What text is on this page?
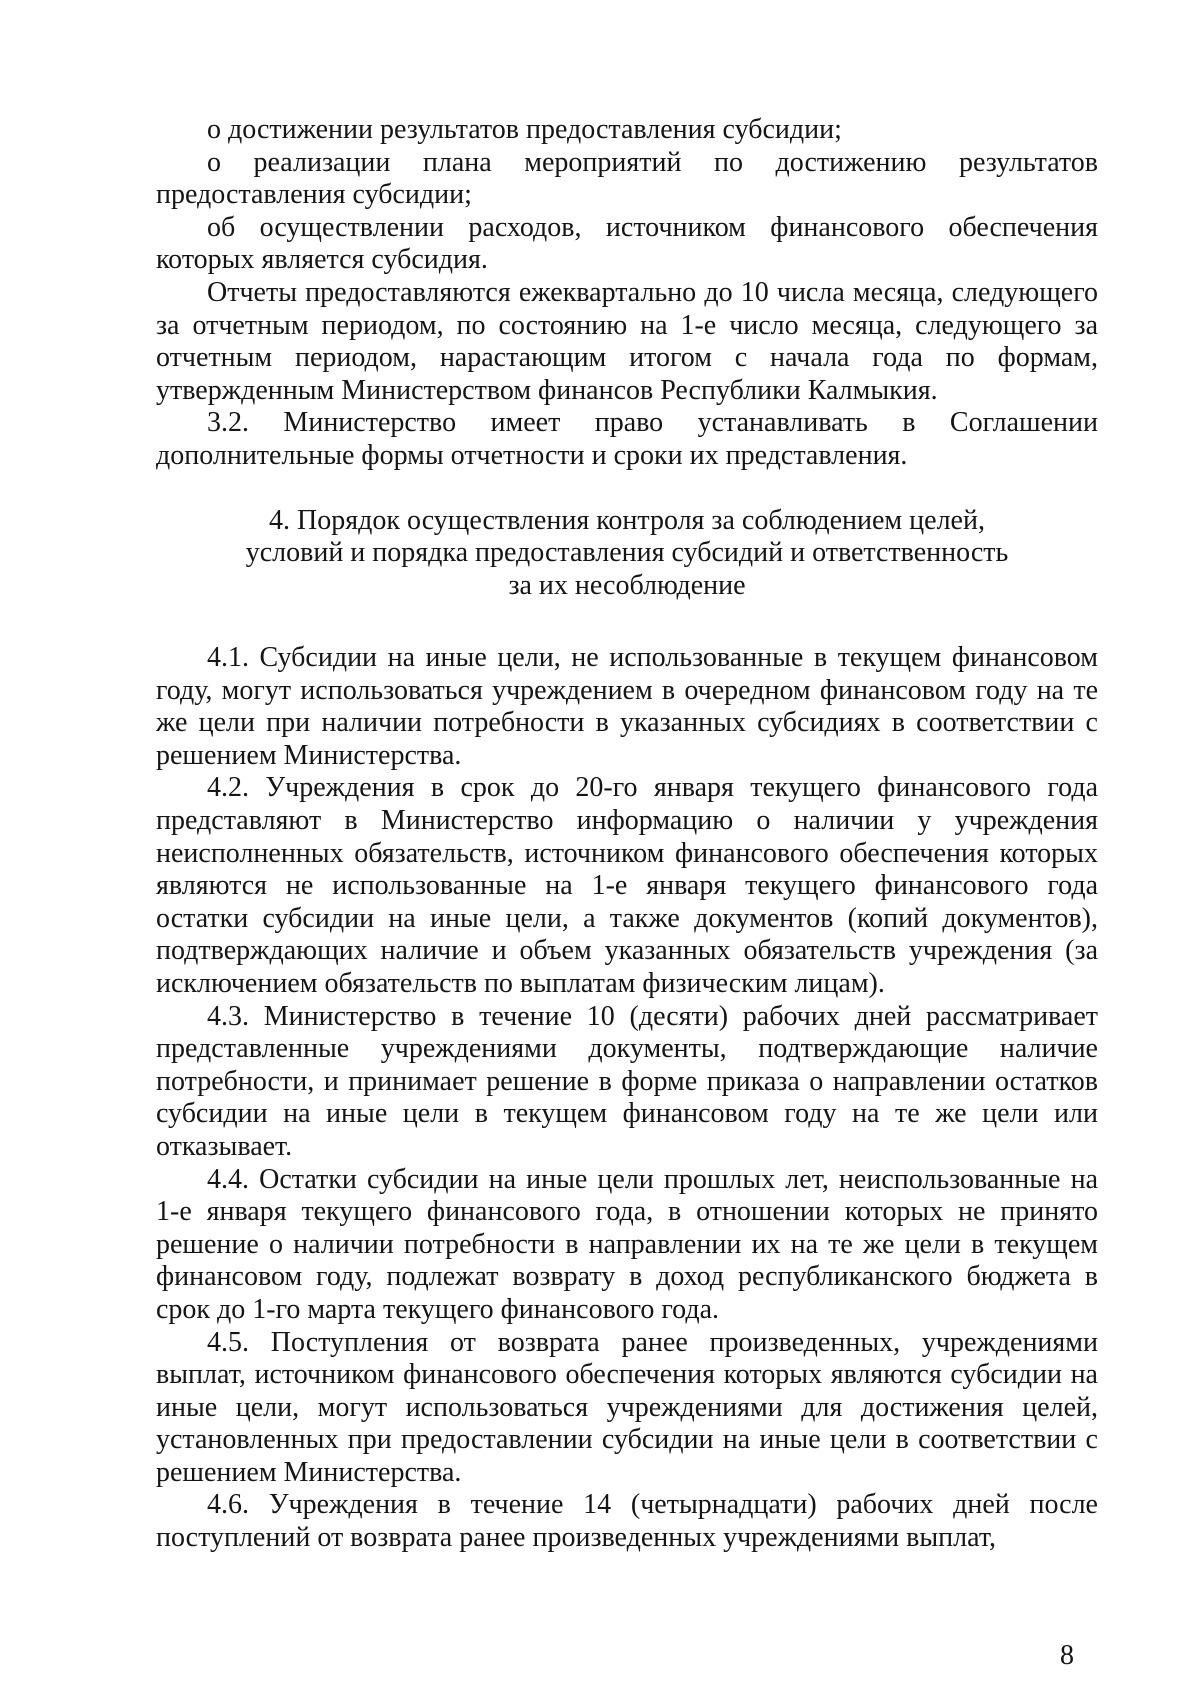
о достижении результатов предоставления субсидии;

о реализации плана мероприятий по достижению результатов предоставления субсидии;

об осуществлении расходов, источником финансового обеспечения которых является субсидия.

Отчеты предоставляются ежеквартально до 10 числа месяца, следующего за отчетным периодом, по состоянию на 1-е число месяца, следующего за отчетным периодом, нарастающим итогом с начала года по формам, утвержденным Министерством финансов Республики Калмыкия.

3.2. Министерство имеет право устанавливать в Соглашении дополнительные формы отчетности и сроки их представления.

4. Порядок осуществления контроля за соблюдением целей,
условий и порядка предоставления субсидий и ответственность
за их несоблюдение

4.1. Субсидии на иные цели, не использованные в текущем финансовом году, могут использоваться учреждением в очередном финансовом году на те же цели при наличии потребности в указанных субсидиях в соответствии с решением Министерства.

4.2. Учреждения в срок до 20-го января текущего финансового года представляют в Министерство информацию о наличии у учреждения неисполненных обязательств, источником финансового обеспечения которых являются не использованные на 1-е января текущего финансового года остатки субсидии на иные цели, а также документов (копий документов), подтверждающих наличие и объем указанных обязательств учреждения (за исключением обязательств по выплатам физическим лицам).

4.3. Министерство в течение 10 (десяти) рабочих дней рассматривает представленные учреждениями документы, подтверждающие наличие потребности, и принимает решение в форме приказа о направлении остатков субсидии на иные цели в текущем финансовом году на те же цели или отказывает.

4.4. Остатки субсидии на иные цели прошлых лет, неиспользованные на 1-е января текущего финансового года, в отношении которых не принято решение о наличии потребности в направлении их на те же цели в текущем финансовом году, подлежат возврату в доход республиканского бюджета в срок до 1-го марта текущего финансового года.

4.5. Поступления от возврата ранее произведенных, учреждениями выплат, источником финансового обеспечения которых являются субсидии на иные цели, могут использоваться учреждениями для достижения целей, установленных при предоставлении субсидии на иные цели в соответствии с решением Министерства.

4.6. Учреждения в течение 14 (четырнадцати) рабочих дней после поступлений от возврата ранее произведенных учреждениями выплат,

8
